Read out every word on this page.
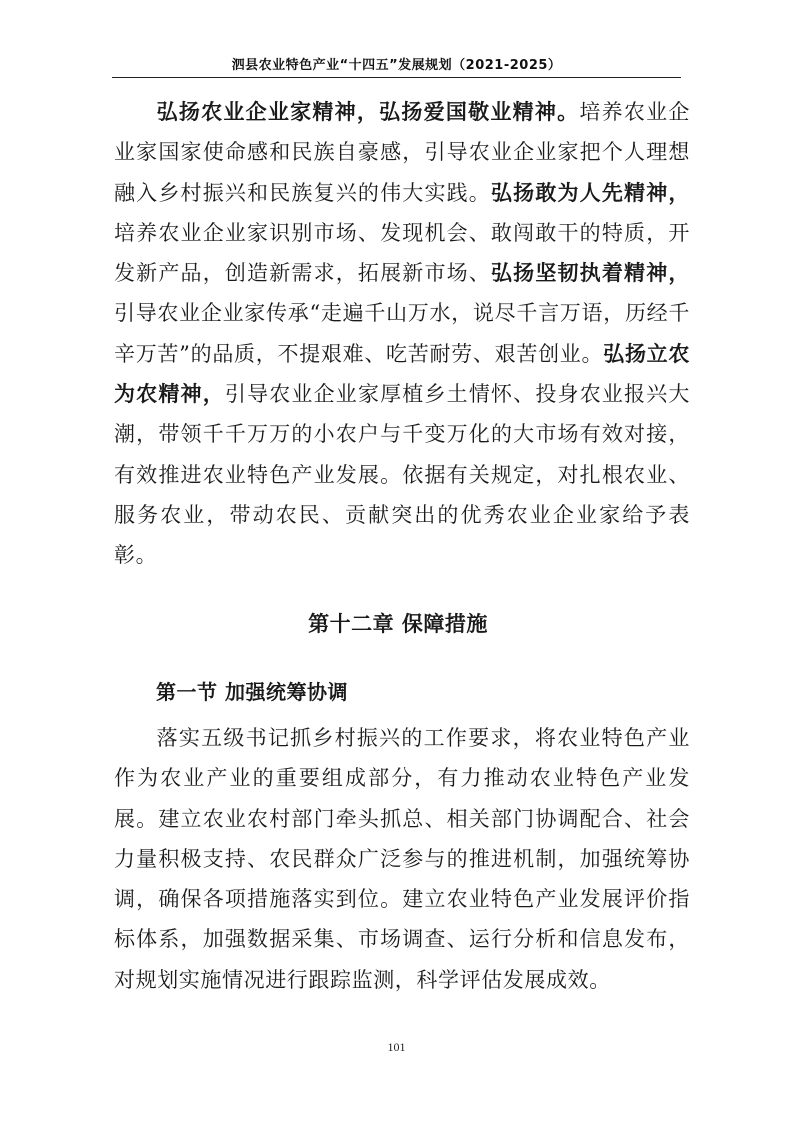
泗县农业特色产业“十四五”发展规划（2021-2025）

弘扬农业企业家精神，弘扬爱国敬业精神。培养农业企业家国家使命感和民族自豪感，引导农业企业家把个人理想融入乡村振兴和民族复兴的伟大实践。弘扬敢为人先精神，培养农业企业家识别市场、发现机会、敢闯敢干的特质，开发新产品，创造新需求，拓展新市场、弘扬坚韧执着精神，引导农业企业家传承“走遍千山万水，说尽千言万语，历经千辛万苦”的品质，不提艰难、吃苦耐劳、艰苦创业。弘扬立农为农精神，引导农业企业家厚植乡土情怀、投身农业报兴大潮，带领千千万万的小农户与千变万化的大市场有效对接，有效推进农业特色产业发展。依据有关规定，对扎根农业、服务农业，带动农民、贡献突出的优秀农业企业家给予表彰。

第十二章 保障措施
第一节 加强统筹协调

落实五级书记抓乡村振兴的工作要求，将农业特色产业作为农业产业的重要组成部分，有力推动农业特色产业发展。建立农业农村部门牵头抓总、相关部门协调配合、社会力量积极支持、农民群众广泛参与的推进机制，加强统筹协调，确保各项措施落实到位。建立农业特色产业发展评价指标体系，加强数据采集、市场调查、运行分析和信息发布，对规划实施情况进行跟踪监测，科学评估发展成效。

101
